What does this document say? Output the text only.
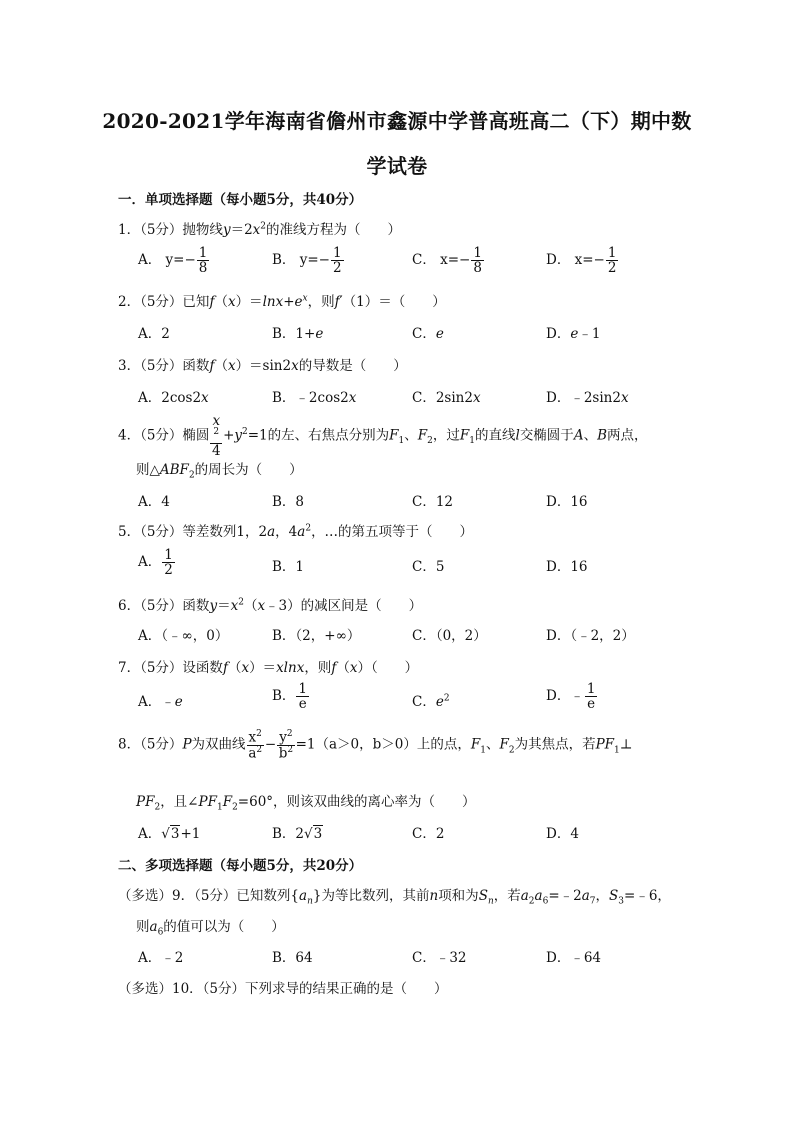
2020-2021学年海南省儋州市鑫源中学普高班高二（下）期中数
学试卷
一．单项选择题（每小题5分，共40分）
1．（5分）抛物线$y=2x^2$的准线方程为（　　）
A． $y=- \frac{1}{8}$	B． $y=- \frac{1}{2}$	C． $x=- \frac{1}{8}$	D． $x=- \frac{1}{2}$
2．（5分）已知$f(x)=\ln x+e^x$，则f′（1）＝（　　）
A．2	B．1+e	C．e	D．e﹣1
3．（5分）函数f（x）＝sin2x的导数是（　　）
A．2cos2x	B．﹣2cos2x	C．2sin2x	D．﹣2sin2x
4．（5分）椭圆 x
$^2$
$4 +y^2=1$的左、右焦点分别为$F_1$、$F_2$，过$F_1$的直线l交椭圆于A、B两点，
则$\triangle ABF_2$的周长为（　　）
A．4	B．8	C．12	D．16
5．（5分）等差数列1，2a，$4a^2$，…的第五项等于（　　）
A． $\frac{1}{2}$	B．1	C．5	D．16
6．（5分）函数$y=x^2(x﹣3)$的减区间是（　　）
A．（﹣∞，0）	B．（2，+∞）	C．（0，2）	D．（﹣2，2）
7．（5分）设函数f（x）＝xlnx，则f（x）（　　）
A．﹣e	B． $\frac{1}{e}$	C．$e^2$	D．﹣ $\frac{1}{e}$
8．（5分）P为双曲线 $\frac{x^2}{a^2} - \frac{y^2}{b^2} =1(a>0$，b＞0）上的点，$F_1$、$F_2$为其焦点，若$PF_1\perp$
$PF_2$，且$\angle PF_1F_2=60^\circ$，则该双曲线的离心率为（　　）
A．√3+1	B．2√3	C．2	D．4
二、多项选择题（每小题5分，共20分）
（多选）9．（5分）已知数列$\{a_n\}$为等比数列，其前n项和为$S_n$，若$a_2a_6=﹣2a_7$，$S_3=﹣6$，
则$a_6$的值可以为（　　）
A．﹣2	B．64	C．﹣32	D．﹣64
（多选）10．（5分）下列求导的结果正确的是（　　）
